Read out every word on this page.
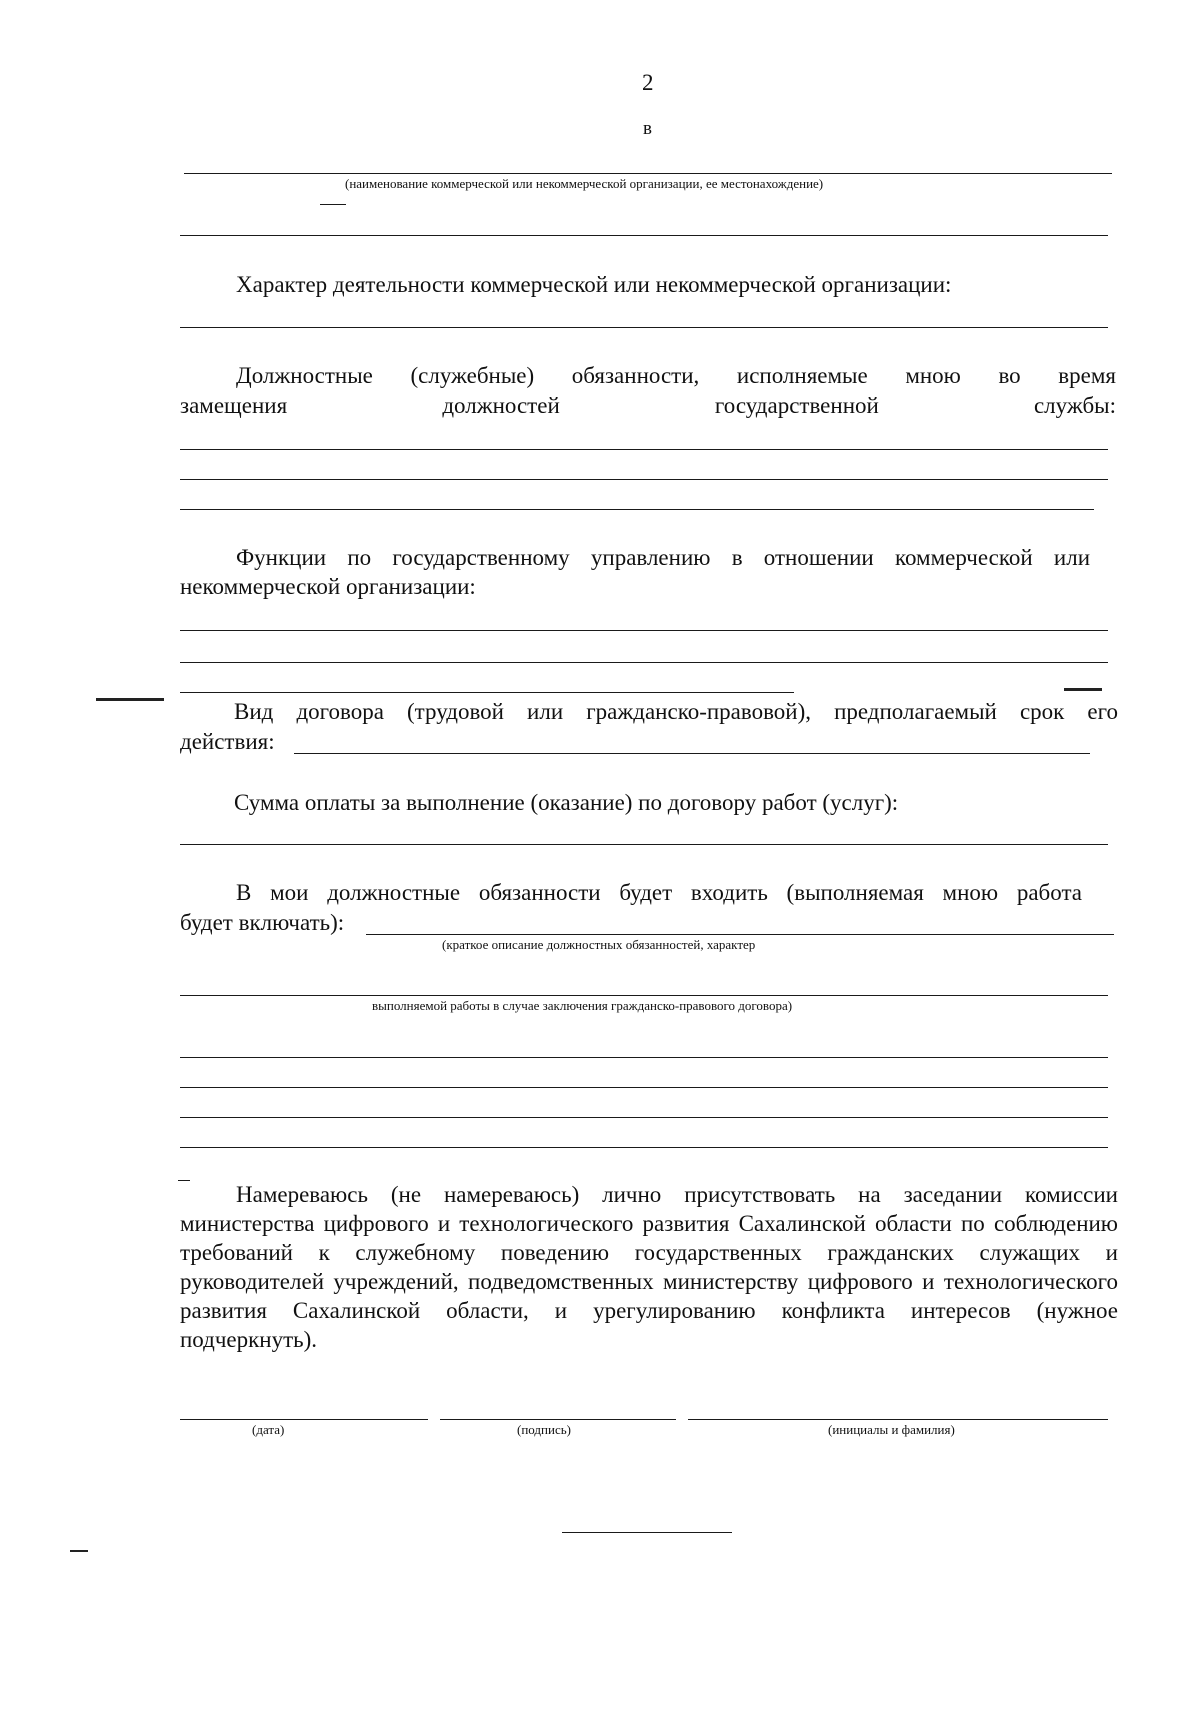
2
в
(наименование коммерческой или некоммерческой организации, ее местонахождение)
Характер деятельности коммерческой или некоммерческой организации:
Должностные (служебные) обязанности, исполняемые мною во время
замещения должностей государственной службы:

Функции по государственному управлению в отношении коммерческой или некоммерческой организации:

Вид договора (трудовой или гражданско-правовой), предполагаемый срок его
действия:
Сумма оплаты за выполнение (оказание) по договору работ (услуг):
В мои должностные обязанности будет входить (выполняемая мною работа
будет включать):
(краткое описание должностных обязанностей, характер
выполняемой работы в случае заключения гражданско-правового договора)

Намереваюсь (не намереваюсь) лично присутствовать на заседании комиссии министерства цифрового и технологического развития Сахалинской области по соблюдению требований к служебному поведению государственных гражданских служащих и руководителей учреждений, подведомственных министерству цифрового и технологического развития Сахалинской области, и урегулированию конфликта интересов (нужное подчеркнуть).

(дата)	(подпись)	(инициалы и фамилия)
